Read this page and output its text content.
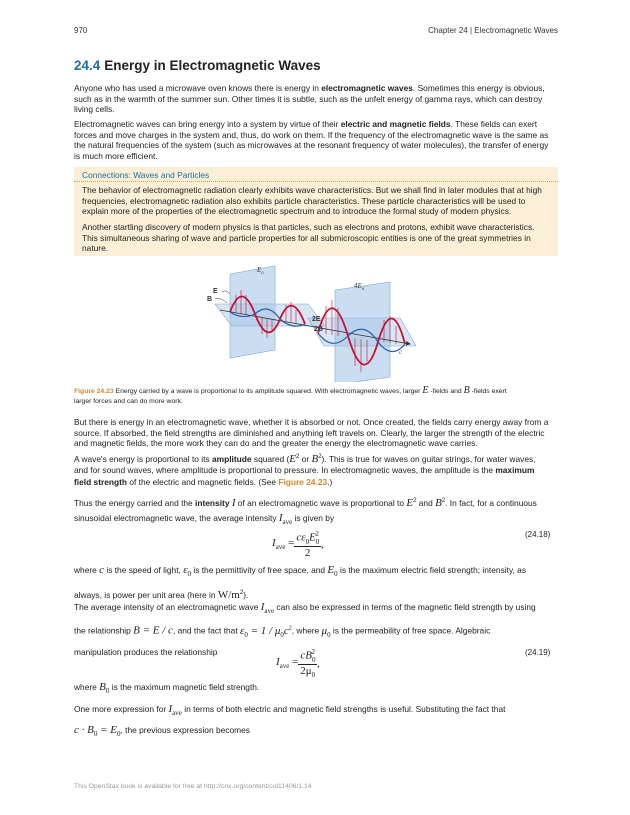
970	Chapter 24 | Electromagnetic Waves
24.4 Energy in Electromagnetic Waves
Anyone who has used a microwave oven knows there is energy in electromagnetic waves. Sometimes this energy is obvious,
such as in the warmth of the summer sun. Other times it is subtle, such as the unfelt energy of gamma rays, which can destroy
living cells.
Electromagnetic waves can bring energy into a system by virtue of their electric and magnetic fields. These fields can exert
forces and move charges in the system and, thus, do work on them. If the frequency of the electromagnetic wave is the same as
the natural frequencies of the system (such as microwaves at the resonant frequency of water molecules), the transfer of energy
is much more efficient.
Connections: Waves and Particles
The behavior of electromagnetic radiation clearly exhibits wave characteristics. But we shall find in later modules that at high
frequencies, electromagnetic radiation also exhibits particle characteristics. These particle characteristics will be used to
explain more of the properties of the electromagnetic spectrum and to introduce the formal study of modern physics.
Another startling discovery of modern physics is that particles, such as electrons and protons, exhibit wave characteristics.
This simultaneous sharing of wave and particle properties for all submicroscopic entities is one of the great symmetries in
nature.
$E_o$
$4E_o$
E
B
2E
2B
c
Figure 24.23 Energy carried by a wave is proportional to its amplitude squared. With electromagnetic waves, larger E -fields and B -fields exert
larger forces and can do more work.
But there is energy in an electromagnetic wave, whether it is absorbed or not. Once created, the fields carry energy away from a
source. If absorbed, the field strengths are diminished and anything left travels on. Clearly, the larger the strength of the electric
and magnetic fields, the more work they can do and the greater the energy the electromagnetic wave carries.
A wave's energy is proportional to its amplitude squared ($E^2$ or $B^2$). This is true for waves on guitar strings, for water waves,
and for sound waves, where amplitude is proportional to pressure. In electromagnetic waves, the amplitude is the maximum
field strength of the electric and magnetic fields. (See Figure 24.23.)
Thus the energy carried and the intensity I of an electromagnetic wave is proportional to $E^2$ and $B^2$. In fact, for a continuous
sinusoidal electromagnetic wave, the average intensity $I_{ave}$ is given by
$I_{ave} = \frac{c\varepsilon_0E_0^2}{2}$ ,
(24.18)
where c is the speed of light, $\varepsilon_0$ is the permittivity of free space, and $E_0$ is the maximum electric field strength; intensity, as
always, is power per unit area (here in $W/m^2$).
The average intensity of an electromagnetic wave $I_{ave}$ can also be expressed in terms of the magnetic field strength by using
the relationship B = E / c, and the fact that $\varepsilon_0 = 1 / \mu_0c^2$, where $\mu_0$ is the permeability of free space. Algebraic
manipulation produces the relationship
$I_{ave} = \frac{cB_0^2}{2\mu_0}$ ,
(24.19)
where $B_0$ is the maximum magnetic field strength.
One more expression for $I_{ave}$ in terms of both electric and magnetic field strengths is useful. Substituting the fact that
$c \cdot B_0 = E_0$, the previous expression becomes
This OpenStax book is available for free at http://cnx.org/content/col11406/1.14
